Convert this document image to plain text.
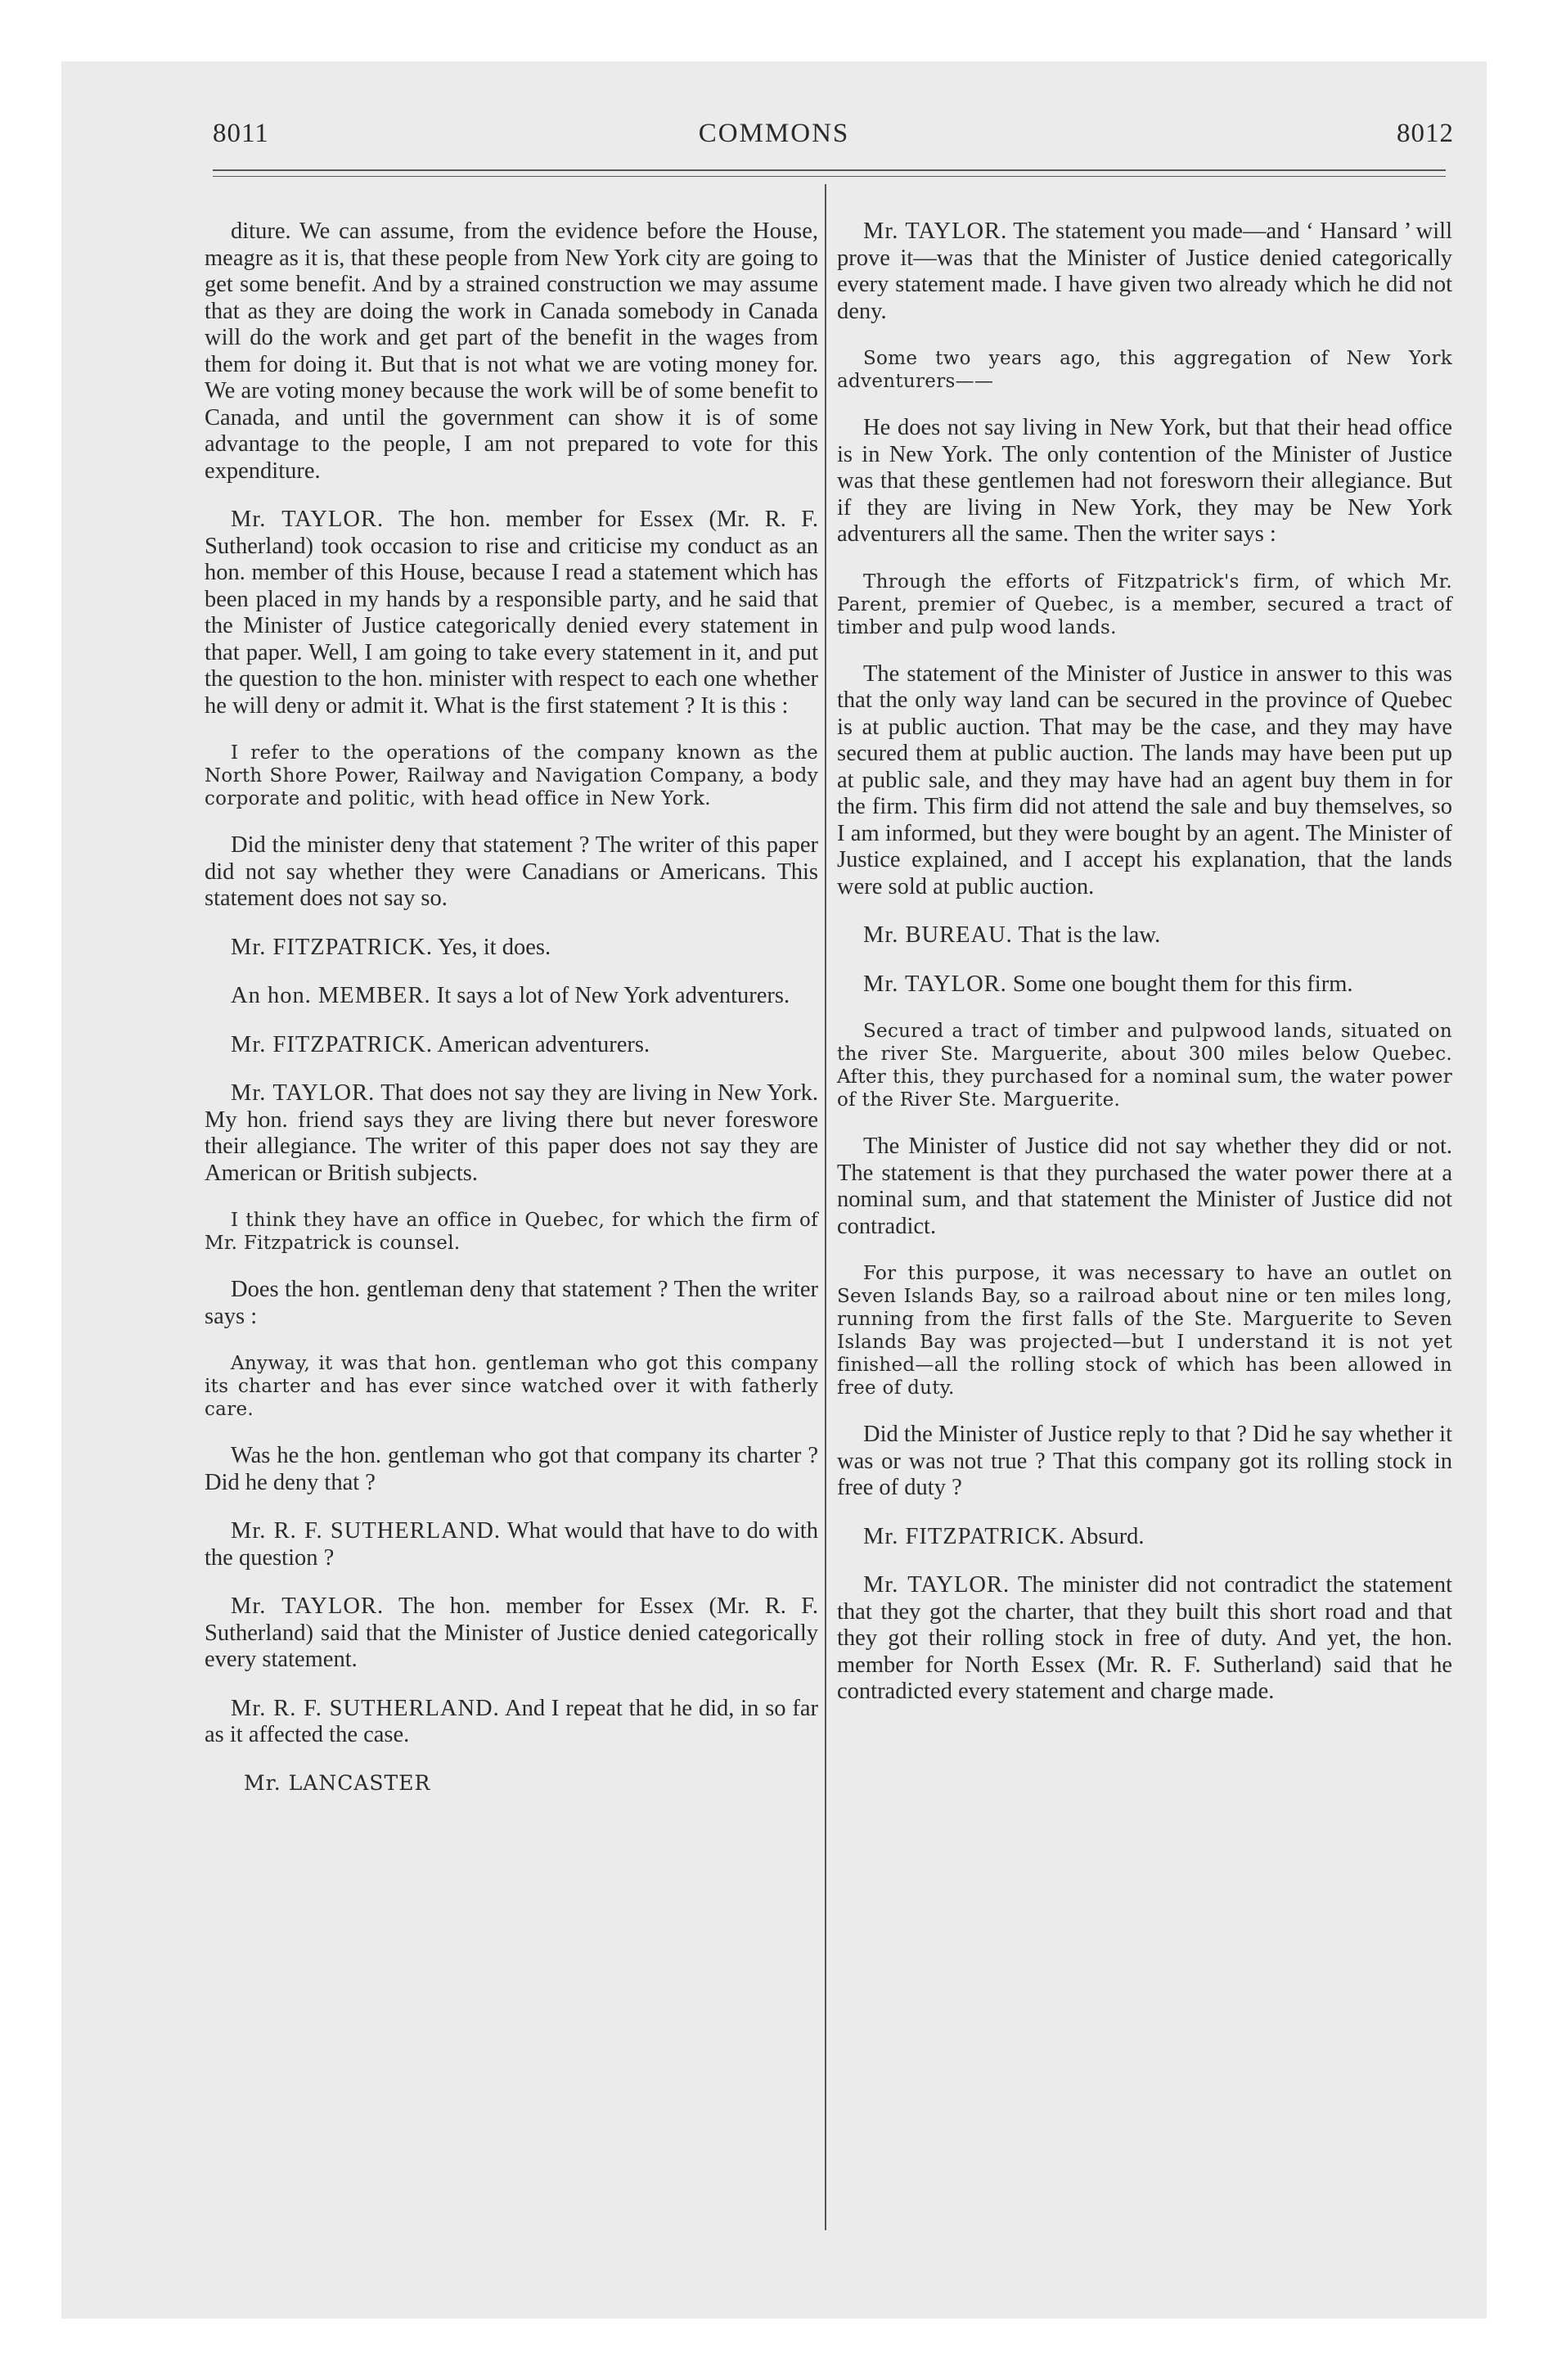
8011	COMMONS	8012

diture. We can assume, from the evidence before the House, meagre as it is, that these people from New York city are going to get some benefit. And by a strained construction we may assume that as they are doing the work in Canada somebody in Canada will do the work and get part of the benefit in the wages from them for doing it. But that is not what we are voting money for. We are voting money because the work will be of some benefit to Canada, and until the government can show it is of some advantage to the people, I am not prepared to vote for this expenditure.

Mr. TAYLOR. The hon. member for Essex (Mr. R. F. Sutherland) took occasion to rise and criticise my conduct as an hon. member of this House, because I read a statement which has been placed in my hands by a responsible party, and he said that the Minister of Justice categorically denied every statement in that paper. Well, I am going to take every statement in it, and put the question to the hon. minister with respect to each one whether he will deny or admit it. What is the first statement ? It is this :

I refer to the operations of the company known as the North Shore Power, Railway and Navigation Company, a body corporate and politic, with head office in New York.

Did the minister deny that statement ? The writer of this paper did not say whether they were Canadians or Americans. This statement does not say so.

Mr. FITZPATRICK. Yes, it does.

An hon. MEMBER. It says a lot of New York adventurers.

Mr. FITZPATRICK. American adventurers.

Mr. TAYLOR. That does not say they are living in New York. My hon. friend says they are living there but never foreswore their allegiance. The writer of this paper does not say they are American or British subjects.

I think they have an office in Quebec, for which the firm of Mr. Fitzpatrick is counsel.

Does the hon. gentleman deny that statement ? Then the writer says :

Anyway, it was that hon. gentleman who got this company its charter and has ever since watched over it with fatherly care.

Was he the hon. gentleman who got that company its charter ? Did he deny that ?

Mr. R. F. SUTHERLAND. What would that have to do with the question ?

Mr. TAYLOR. The hon. member for Essex (Mr. R. F. Sutherland) said that the Minister of Justice denied categorically every statement.

Mr. R. F. SUTHERLAND. And I repeat that he did, in so far as it affected the case.

Mr. LANCASTER

Mr. TAYLOR. The statement you made—and ‘ Hansard ’ will prove it—was that the Minister of Justice denied categorically every statement made. I have given two already which he did not deny.

Some two years ago, this aggregation of New York adventurers——

He does not say living in New York, but that their head office is in New York. The only contention of the Minister of Justice was that these gentlemen had not foresworn their allegiance. But if they are living in New York, they may be New York adventurers all the same. Then the writer says :

Through the efforts of Fitzpatrick's firm, of which Mr. Parent, premier of Quebec, is a member, secured a tract of timber and pulp wood lands.

The statement of the Minister of Justice in answer to this was that the only way land can be secured in the province of Quebec is at public auction. That may be the case, and they may have secured them at public auction. The lands may have been put up at public sale, and they may have had an agent buy them in for the firm. This firm did not attend the sale and buy themselves, so I am informed, but they were bought by an agent. The Minister of Justice explained, and I accept his explanation, that the lands were sold at public auction.

Mr. BUREAU. That is the law.

Mr. TAYLOR. Some one bought them for this firm.

Secured a tract of timber and pulpwood lands, situated on the river Ste. Marguerite, about 300 miles below Quebec. After this, they purchased for a nominal sum, the water power of the River Ste. Marguerite.

The Minister of Justice did not say whether they did or not. The statement is that they purchased the water power there at a nominal sum, and that statement the Minister of Justice did not contradict.

For this purpose, it was necessary to have an outlet on Seven Islands Bay, so a railroad about nine or ten miles long, running from the first falls of the Ste. Marguerite to Seven Islands Bay was projected—but I understand it is not yet finished—all the rolling stock of which has been allowed in free of duty.

Did the Minister of Justice reply to that ? Did he say whether it was or was not true ? That this company got its rolling stock in free of duty ?

Mr. FITZPATRICK. Absurd.

Mr. TAYLOR. The minister did not contradict the statement that they got the charter, that they built this short road and that they got their rolling stock in free of duty. And yet, the hon. member for North Essex (Mr. R. F. Sutherland) said that he contradicted every statement and charge made.
